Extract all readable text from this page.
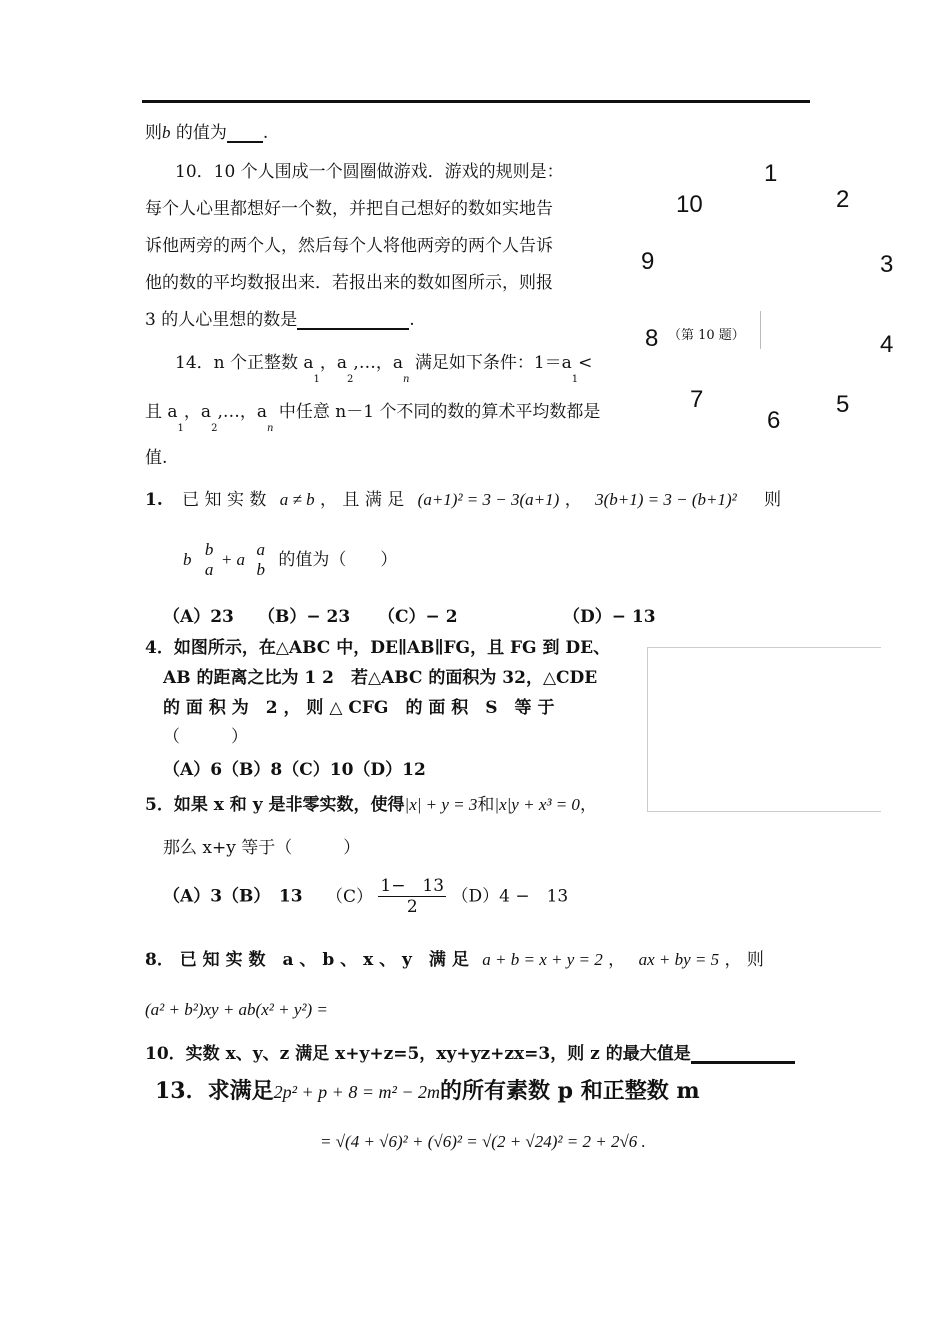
则b 的值为 .
10．10 个人围成一个圆圈做游戏．游戏的规则是：
每个人心里都想好一个数，并把自己想好的数如实地告
诉他两旁的两个人，然后每个人将他两旁的两个人告诉
他的数的平均数报出来．若报出来的数如图所示，则报
3 的人心里想的数是	.
1
2
3
4
5
6
7
8
9
10
（第 10 题）
14．n 个正整数 $a_1$，$a_2,\dots$，$a_n$ 满足如下条件：$1=a_1<$
且 $a_1$，$a_2,\dots$，$a_n$ 中任意 n－1 个不同的数的算术平均数都是
值.
1. 已 知 实 数 a ≠ b ， 且 满 足 (a+1)² = 3 − 3(a+1) ， 3(b+1) = 3 − (b+1)² 则
b
b
a
+ a
a
b 的值为（　　）
（A）23 （B）− 23 （C）− 2	（D）− 13
4．如图所示，在△ABC 中，DE∥AB∥FG，且 FG 到 DE、
AB 的距离之比为 1 2　若△ABC 的面积为 32，△CDE
的 面 积 为　2 ， 则 △ CFG　的 面 积　S　等 于
（　　　）
（A）6（B）8（C）10（D）12
5．如果 x 和 y 是非零实数，使得|x| + y = 3和|x|y + x³ = 0，
那么 x+y 等于（　　　）
（A）3（B）　13 $(C) \frac{1- 13}{2} (D)4$ −　13
8． 已 知 实 数　a 、 b 、 x 、 y　满 足 a + b = x + y = 2 ， ax + by = 5 ， 则
(a² + b²)xy + ab(x² + y²) =
10．实数 x、y、z 满足 x+y+z=5，xy+yz+zx=3，则 z 的最大值是
13．求满足2p² + p + 8 = m² − 2m的所有素数 p 和正整数 m
= √(4 + √6)² + (√6)² = √(2 + √24)² = 2 + 2√6 .
